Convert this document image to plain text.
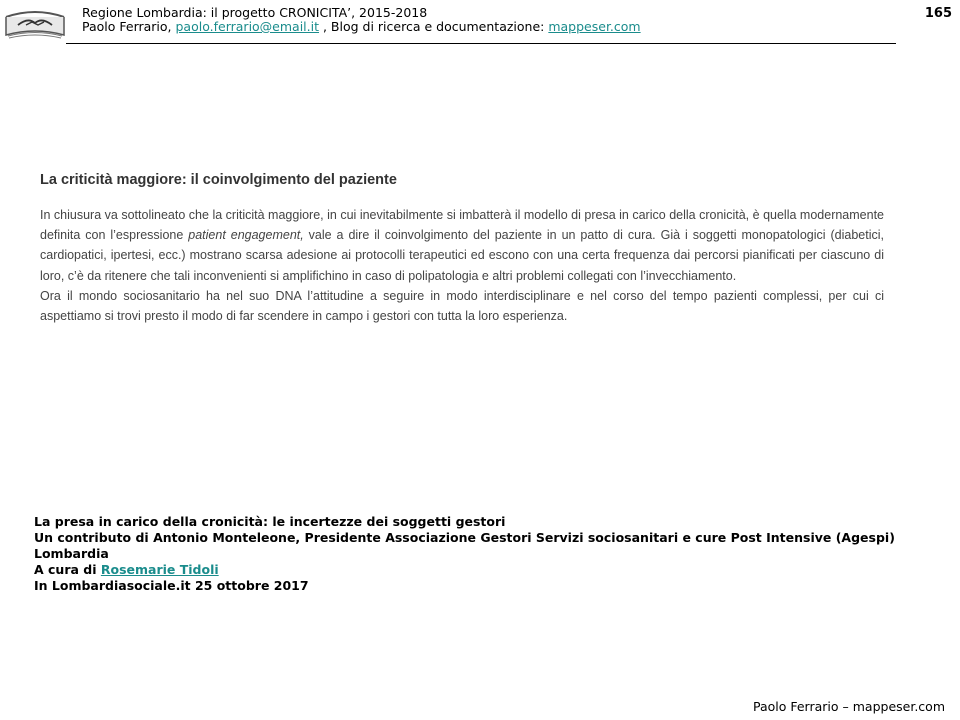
Regione Lombardia: il progetto CRONICITA’, 2015-2018
Paolo Ferrario, paolo.ferrario@email.it , Blog di ricerca e documentazione: mappeser.com
165
La criticità maggiore: il coinvolgimento del paziente

In chiusura va sottolineato che la criticità maggiore, in cui inevitabilmente si imbatterà il modello di presa in carico della cronicità, è quella modernamente definita con l’espressione patient engagement, vale a dire il coinvolgimento del paziente in un patto di cura. Già i soggetti monopatologici (diabetici, cardiopatici, ipertesi, ecc.) mostrano scarsa adesione ai protocolli terapeutici ed escono con una certa frequenza dai percorsi pianificati per ciascuno di loro, c’è da ritenere che tali inconvenienti si amplifichino in caso di polipatologia e altri problemi collegati con l’invecchiamento.

Ora il mondo sociosanitario ha nel suo DNA l’attitudine a seguire in modo interdisciplinare e nel corso del tempo pazienti complessi, per cui ci aspettiamo si trovi presto il modo di far scendere in campo i gestori con tutta la loro esperienza.

La presa in carico della cronicità: le incertezze dei soggetti gestori
Un contributo di Antonio Monteleone, Presidente Associazione Gestori Servizi sociosanitari e cure Post Intensive (Agespi) Lombardia
A cura di Rosemarie Tidoli
In Lombardiasociale.it 25 ottobre 2017
Paolo Ferrario – mappeser.com
